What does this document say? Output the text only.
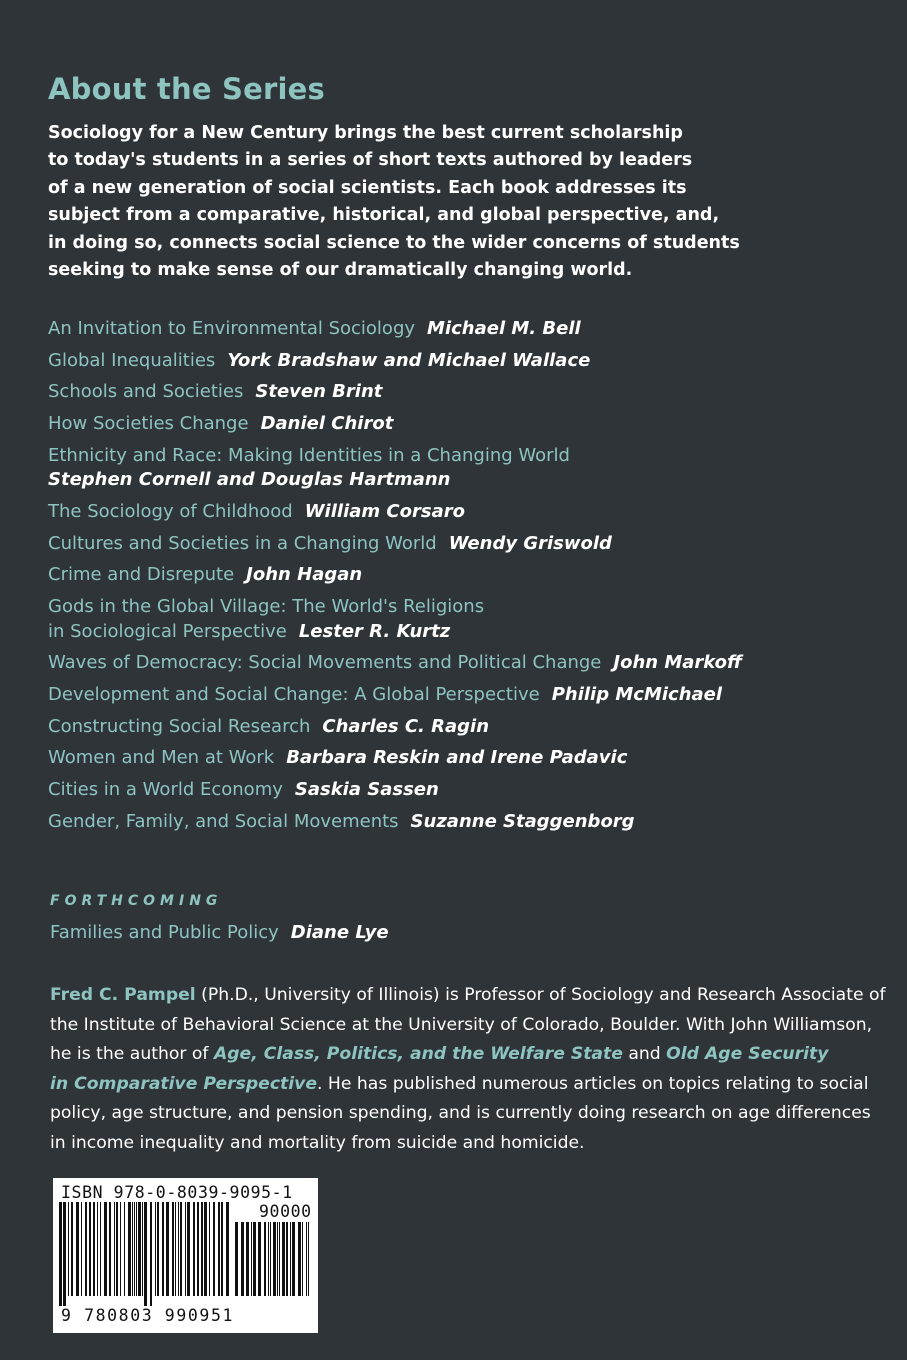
About the Series
Sociology for a New Century brings the best current scholarship
to today's students in a series of short texts authored by leaders
of a new generation of social scientists. Each book addresses its
subject from a comparative, historical, and global perspective, and,
in doing so, connects social science to the wider concerns of students
seeking to make sense of our dramatically changing world.
An Invitation to Environmental Sociology Michael M. Bell
Global Inequalities York Bradshaw and Michael Wallace
Schools and Societies Steven Brint
How Societies Change Daniel Chirot
Ethnicity and Race: Making Identities in a Changing World
Stephen Cornell and Douglas Hartmann
The Sociology of Childhood William Corsaro
Cultures and Societies in a Changing World Wendy Griswold
Crime and Disrepute John Hagan
Gods in the Global Village: The World's Religions
in Sociological Perspective Lester R. Kurtz
Waves of Democracy: Social Movements and Political Change John Markoff
Development and Social Change: A Global Perspective Philip McMichael
Constructing Social Research Charles C. Ragin
Women and Men at Work Barbara Reskin and Irene Padavic
Cities in a World Economy Saskia Sassen
Gender, Family, and Social Movements Suzanne Staggenborg
FORTHCOMING
Families and Public Policy Diane Lye
Fred C. Pampel (Ph.D., University of Illinois) is Professor of Sociology and Research Associate of
the Institute of Behavioral Science at the University of Colorado, Boulder. With John Williamson,
he is the author of Age, Class, Politics, and the Welfare State and Old Age Security
in Comparative Perspective. He has published numerous articles on topics relating to social
policy, age structure, and pension spending, and is currently doing research on age differences
in income inequality and mortality from suicide and homicide.
ISBN 978-0-8039-9095-1
90000
9 780803 990951
